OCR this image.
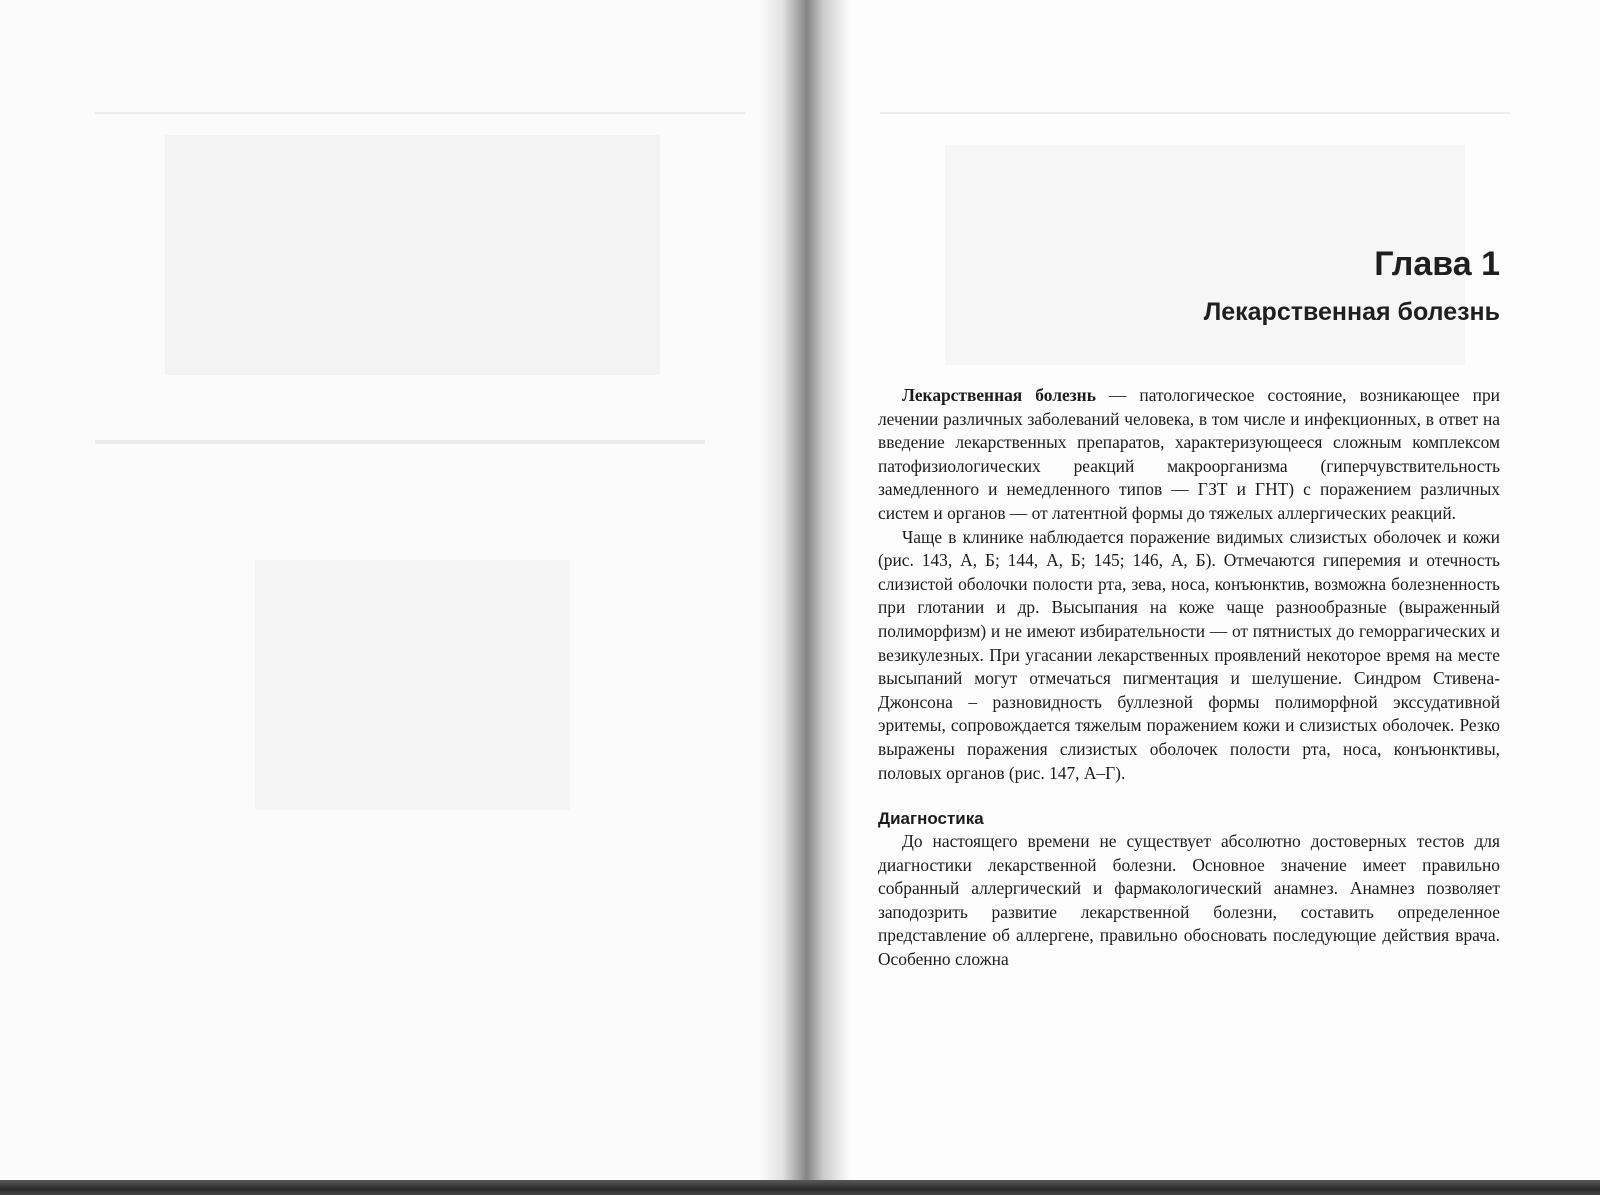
Глава 1

Лекарственная болезнь

Лекарственная болезнь — патологическое состояние, возникающее при лечении различных заболеваний человека, в том числе и инфекционных, в ответ на введение лекарственных препаратов, характеризующееся сложным комплексом патофизиологических реакций макроорганизма (гиперчувствительность замедленного и немедленного типов — ГЗТ и ГНТ) с поражением различных систем и органов — от латентной формы до тяжелых аллергических реакций.

Чаще в клинике наблюдается поражение видимых слизистых оболочек и кожи (рис. 143, А, Б; 144, А, Б; 145; 146, А, Б). Отмечаются гиперемия и отечность слизистой оболочки полости рта, зева, носа, конъюнктив, возможна болезненность при глотании и др. Высыпания на коже чаще разнообразные (выраженный полиморфизм) и не имеют избирательности — от пятнистых до геморрагических и везикулезных. При угасании лекарственных проявлений некоторое время на месте высыпаний могут отмечаться пигментация и шелушение. Синдром Стивена-Джонсона – разновидность буллезной формы полиморфной экссудативной эритемы, сопровождается тяжелым поражением кожи и слизистых оболочек. Резко выражены поражения слизистых оболочек полости рта, носа, конъюнктивы, половых органов (рис. 147, А–Г).

Диагностика

До настоящего времени не существует абсолютно достоверных тестов для диагностики лекарственной болезни. Основное значение имеет правильно собранный аллергический и фармакологический анамнез. Анамнез позволяет заподозрить развитие лекарственной болезни, составить определенное представление об аллергене, правильно обосновать последующие действия врача. Особенно сложна
